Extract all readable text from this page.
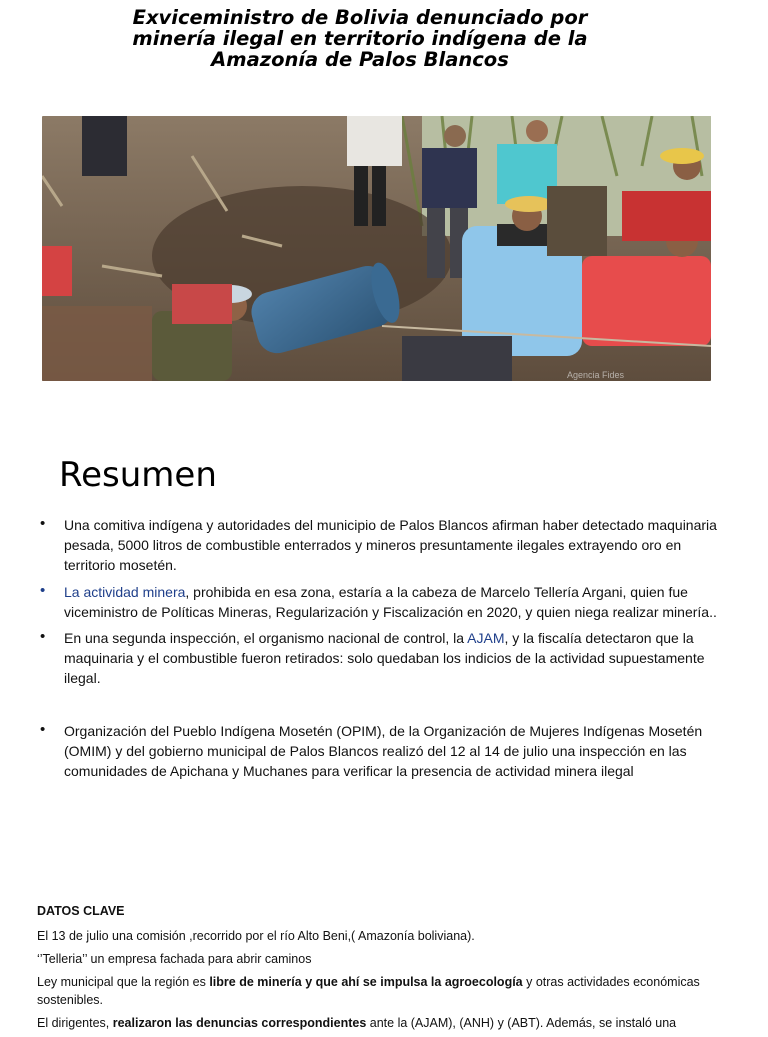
Exviceministro de Bolivia denunciado por minería ilegal en territorio indígena de la Amazonía de Palos Blancos
Agencia Fides
Resumen
• Una comitiva indígena y autoridades del municipio de Palos Blancos afirman haber detectado maquinaria pesada, 5000 litros de combustible enterrados y mineros presuntamente ilegales extrayendo oro en territorio mosetén.
• La actividad minera, prohibida en esa zona, estaría a la cabeza de Marcelo Tellería Argani, quien fue viceministro de Políticas Mineras, Regularización y Fiscalización en 2020, y quien niega realizar minería..
• En una segunda inspección, el organismo nacional de control, la AJAM, y la fiscalía detectaron que la maquinaria y el combustible fueron retirados: solo quedaban los indicios de la actividad supuestamente ilegal.
• Organización del Pueblo Indígena Mosetén (OPIM), de la Organización de Mujeres Indígenas Mosetén (OMIM) y del gobierno municipal de Palos Blancos realizó del 12 al 14 de julio una inspección en las comunidades de Apichana y Muchanes para verificar la presencia de actividad minera ilegal

DATOS CLAVE

El 13 de julio una comisión ,recorrido por el río Alto Beni,( Amazonía boliviana).

‘’Telleria’’ un empresa fachada para abrir caminos

Ley municipal que la región es libre de minería y que ahí se impulsa la agroecología y otras actividades económicas sostenibles.

El dirigentes, realizaron las denuncias correspondientes ante la (AJAM), (ANH) y (ABT). Además, se instaló una
